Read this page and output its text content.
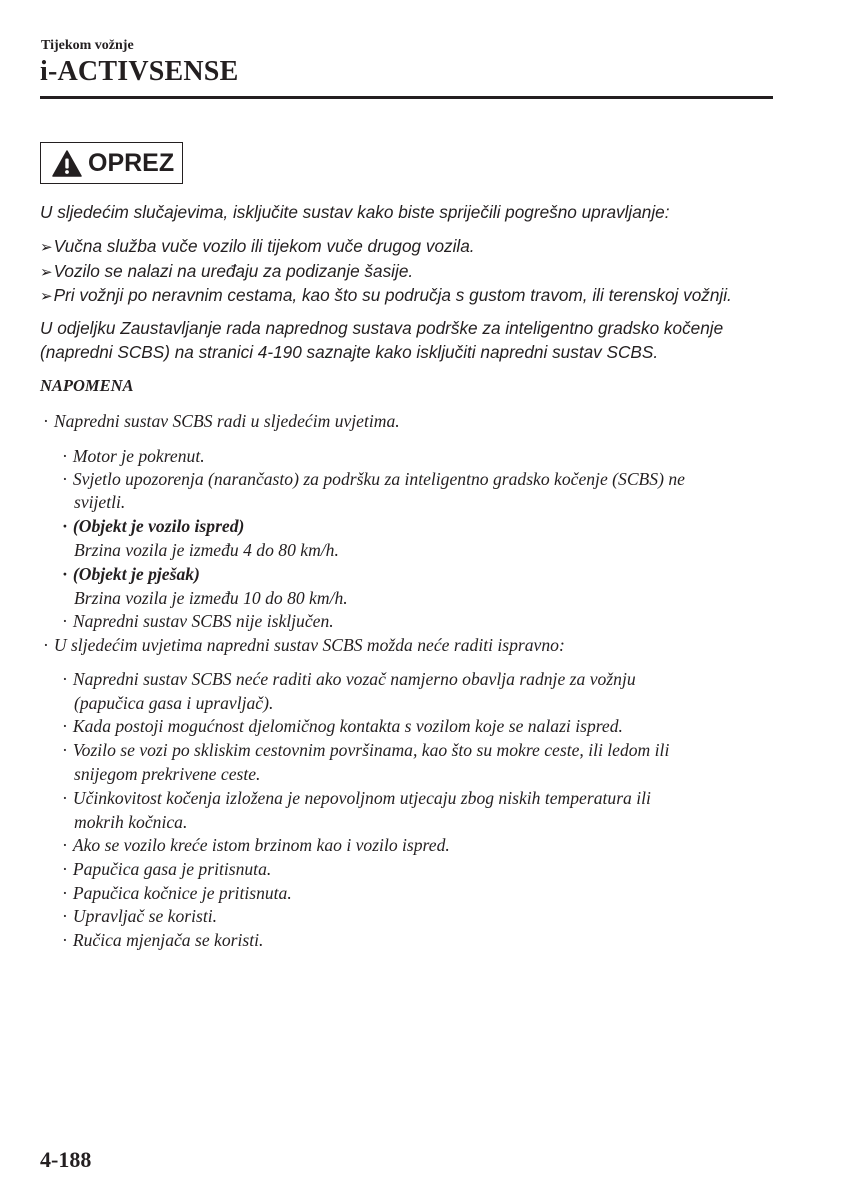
Tijekom vožnje
i-ACTIVSENSE
OPREZ
U sljedećim slučajevima, isključite sustav kako biste spriječili pogrešno upravljanje:
➢Vučna služba vuče vozilo ili tijekom vuče drugog vozila.
➢Vozilo se nalazi na uređaju za podizanje šasije.
➢Pri vožnji po neravnim cestama, kao što su područja s gustom travom, ili terenskoj vožnji.
U odjeljku Zaustavljanje rada naprednog sustava podrške za inteligentno gradsko kočenje
(napredni SCBS) na stranici 4-190 saznajte kako isključiti napredni sustav SCBS.
NAPOMENA
· Napredni sustav SCBS radi u sljedećim uvjetima.
· Motor je pokrenut.
· Svjetlo upozorenja (narančasto) za podršku za inteligentno gradsko kočenje (SCBS) ne
svijetli.
· (Objekt je vozilo ispred)
Brzina vozila je između 4 do 80 km/h.
· (Objekt je pješak)
Brzina vozila je između 10 do 80 km/h.
· Napredni sustav SCBS nije isključen.
· U sljedećim uvjetima napredni sustav SCBS možda neće raditi ispravno:
· Napredni sustav SCBS neće raditi ako vozač namjerno obavlja radnje za vožnju
(papučica gasa i upravljač).
· Kada postoji mogućnost djelomičnog kontakta s vozilom koje se nalazi ispred.
· Vozilo se vozi po skliskim cestovnim površinama, kao što su mokre ceste, ili ledom ili
snijegom prekrivene ceste.
· Učinkovitost kočenja izložena je nepovoljnom utjecaju zbog niskih temperatura ili
mokrih kočnica.
· Ako se vozilo kreće istom brzinom kao i vozilo ispred.
· Papučica gasa je pritisnuta.
· Papučica kočnice je pritisnuta.
· Upravljač se koristi.
· Ručica mjenjača se koristi.
4-188
